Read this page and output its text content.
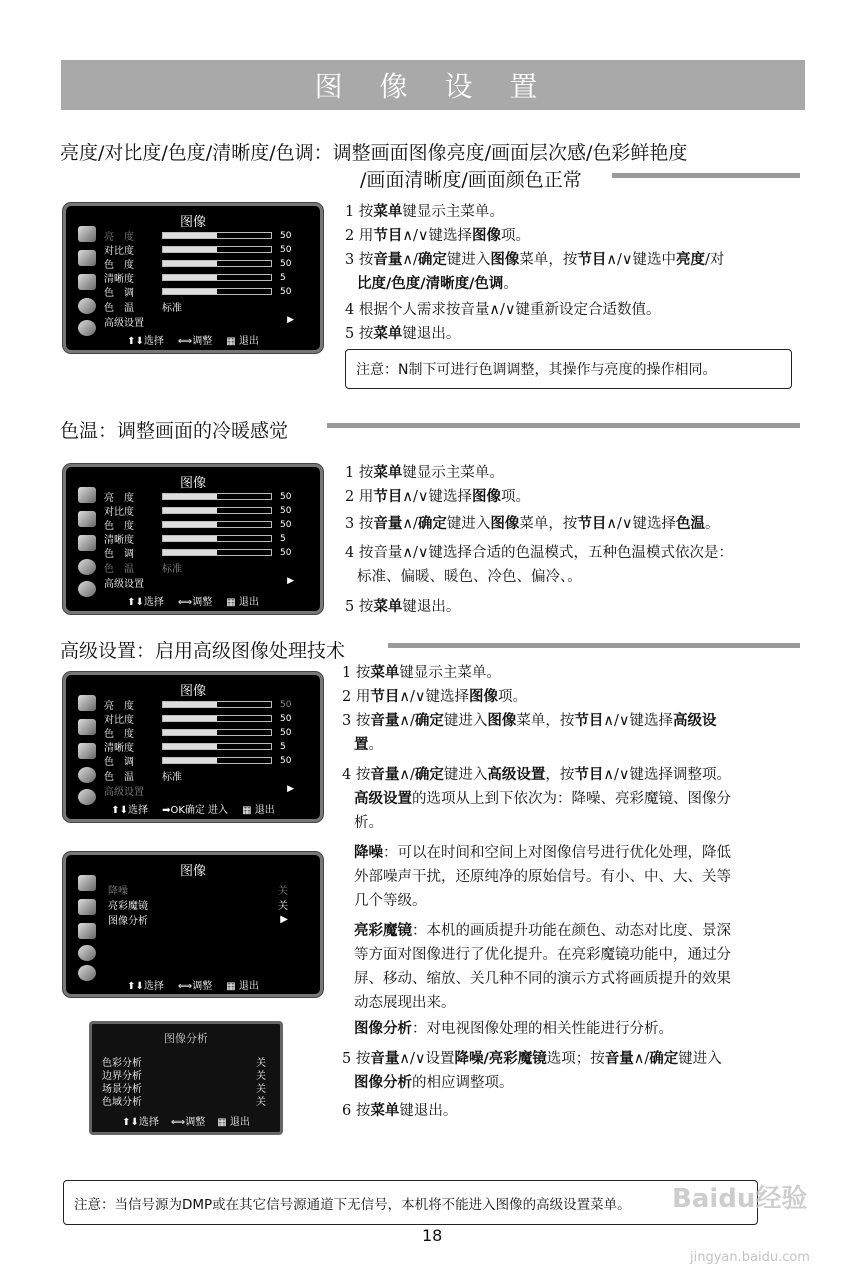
图 像 设 置
亮度/对比度/色度/清晰度/色调：调整画面图像亮度/画面层次感/色彩鲜艳度
/画面清晰度/画面颜色正常
图像
亮　度	50
对比度	50
色　度	50
清晰度	5
色　调	50
色　温	标准
高级设置	▶
⬆⬇选择 ⟺调整 ▦ 退出

1 按菜单键显示主菜单。

2 用节目∧/∨键选择图像项。

3 按音量∧/确定键进入图像菜单，按节目∧/∨键选中亮度/对

比度/色度/清晰度/色调。

4 根据个人需求按音量∧/∨键重新设定合适数值。

5 按菜单键退出。

注意：N制下可进行色调调整，其操作与亮度的操作相同。
色温：调整画面的冷暖感觉
图像
亮　度	50
对比度	50
色　度	50
清晰度	5
色　调	50
色　温	标准
高级设置	▶
⬆⬇选择 ⟺调整 ▦ 退出

1 按菜单键显示主菜单。

2 用节目∧/∨键选择图像项。

3 按音量∧/确定键进入图像菜单，按节目∧/∨键选择色温。

4 按音量∧/∨键选择合适的色温模式，五种色温模式依次是：

标准、偏暖、暖色、冷色、偏冷、。

5 按菜单键退出。

高级设置：启用高级图像处理技术
图像
亮　度	50
对比度	50
色　度	50
清晰度	5
色　调	50
色　温	标准
高级设置	▶
⬆⬇选择 ➡OK确定 进入 ▦ 退出
图像
降噪	关
亮彩魔镜	关
图像分析	▶
⬆⬇选择 ⟺调整 ▦ 退出
图像分析
色彩分析	关
边界分析	关
场景分析	关
色域分析	关
⬆⬇选择 ⟺调整 ▦ 退出

1 按菜单键显示主菜单。

2 用节目∧/∨键选择图像项。

3 按音量∧/确定键进入图像菜单，按节目∧/∨键选择高级设

置。

4 按音量∧/确定键进入高级设置，按节目∧/∨键选择调整项。

高级设置的选项从上到下依次为：降噪、亮彩魔镜、图像分

析。

降噪：可以在时间和空间上对图像信号进行优化处理，降低

外部噪声干扰，还原纯净的原始信号。有小、中、大、关等

几个等级。

亮彩魔镜：本机的画质提升功能在颜色、动态对比度、景深

等方面对图像进行了优化提升。在亮彩魔镜功能中，通过分

屏、移动、缩放、关几种不同的演示方式将画质提升的效果

动态展现出来。

图像分析：对电视图像处理的相关性能进行分析。

5 按音量∧/∨设置降噪/亮彩魔镜选项；按音量∧/确定键进入

图像分析的相应调整项。

6 按菜单键退出。

注意：当信号源为DMP或在其它信号源通道下无信号，本机将不能进入图像的高级设置菜单。
18
Baidu经验
jingyan.baidu.com
